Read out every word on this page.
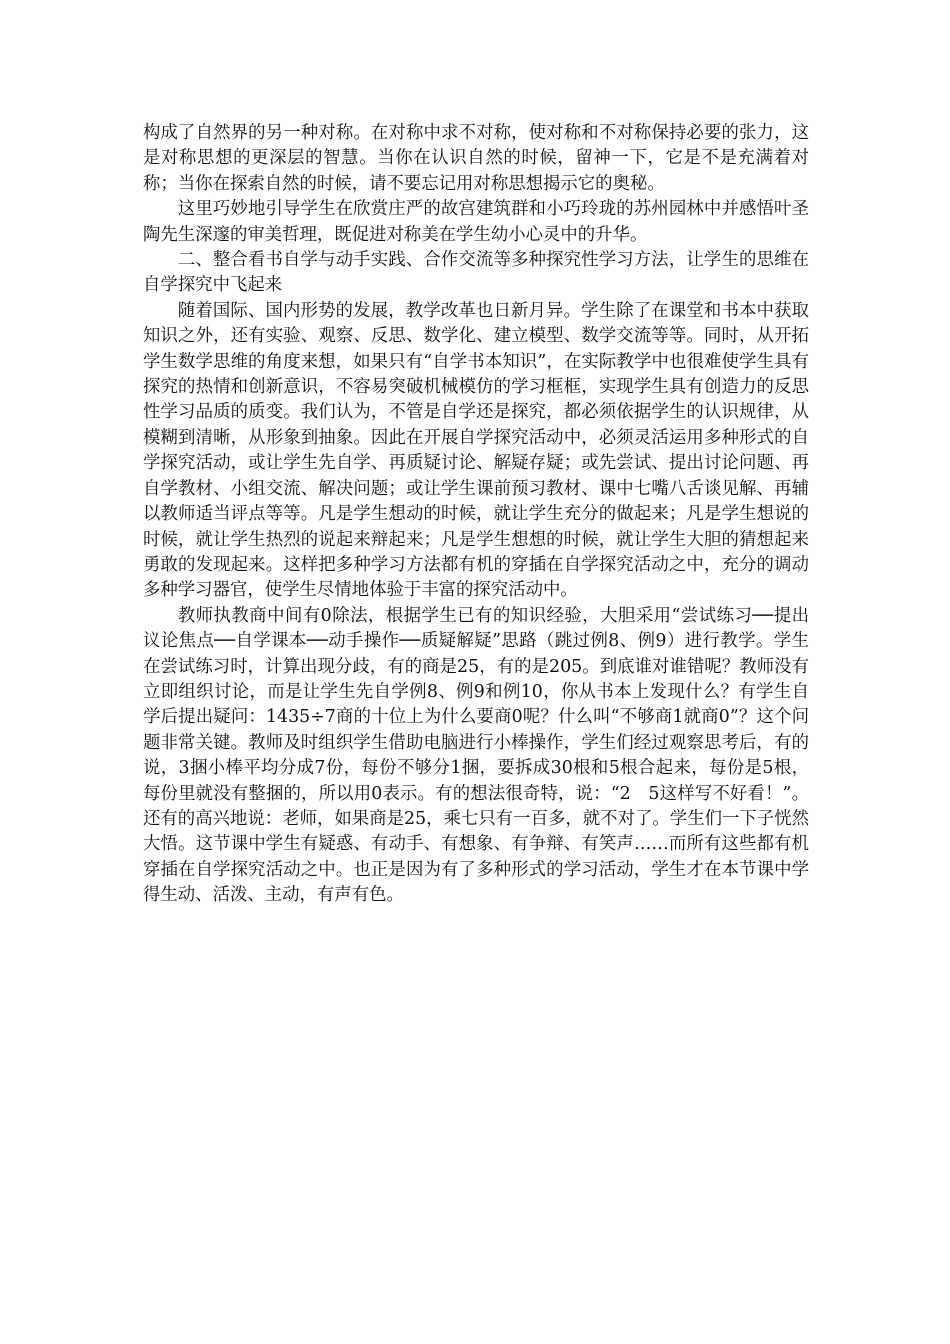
构成了自然界的另一种对称。在对称中求不对称，使对称和不对称保持必要的张力，这是对称思想的更深层的智慧。当你在认识自然的时候，留神一下，它是不是充满着对称；当你在探索自然的时候，请不要忘记用对称思想揭示它的奥秘。

这里巧妙地引导学生在欣赏庄严的故宫建筑群和小巧玲珑的苏州园林中并感悟叶圣陶先生深邃的审美哲理，既促进对称美在学生幼小心灵中的升华。

二、整合看书自学与动手实践、合作交流等多种探究性学习方法，让学生的思维在自学探究中飞起来

随着国际、国内形势的发展，教学改革也日新月异。学生除了在课堂和书本中获取知识之外，还有实验、观察、反思、数学化、建立模型、数学交流等等。同时，从开拓学生数学思维的角度来想，如果只有“自学书本知识”，在实际教学中也很难使学生具有探究的热情和创新意识，不容易突破机械模仿的学习框框，实现学生具有创造力的反思性学习品质的质变。我们认为，不管是自学还是探究，都必须依据学生的认识规律，从模糊到清晰，从形象到抽象。因此在开展自学探究活动中，必须灵活运用多种形式的自学探究活动，或让学生先自学、再质疑讨论、解疑存疑；或先尝试、提出讨论问题、再自学教材、小组交流、解决问题；或让学生课前预习教材、课中七嘴八舌谈见解、再辅以教师适当评点等等。凡是学生想动的时候，就让学生充分的做起来；凡是学生想说的时候，就让学生热烈的说起来辩起来；凡是学生想想的时候，就让学生大胆的猜想起来勇敢的发现起来。这样把多种学习方法都有机的穿插在自学探究活动之中，充分的调动多种学习器官，使学生尽情地体验于丰富的探究活动中。

教师执教商中间有0除法，根据学生已有的知识经验，大胆采用“尝试练习──提出议论焦点──自学课本──动手操作──质疑解疑”思路（跳过例8、例9）进行教学。学生在尝试练习时，计算出现分歧，有的商是25，有的是205。到底谁对谁错呢？教师没有立即组织讨论，而是让学生先自学例8、例9和例10，你从书本上发现什么？有学生自学后提出疑问：1435÷7商的十位上为什么要商0呢？什么叫“不够商1就商0”？这个问题非常关键。教师及时组织学生借助电脑进行小棒操作，学生们经过观察思考后，有的说，3捆小棒平均分成7份，每份不够分1捆，要拆成30根和5根合起来，每份是5根，每份里就没有整捆的，所以用0表示。有的想法很奇特，说：“2　5这样写不好看！”。还有的高兴地说：老师，如果商是25，乘七只有一百多，就不对了。学生们一下子恍然大悟。这节课中学生有疑惑、有动手、有想象、有争辩、有笑声……而所有这些都有机穿插在自学探究活动之中。也正是因为有了多种形式的学习活动，学生才在本节课中学得生动、活泼、主动，有声有色。
